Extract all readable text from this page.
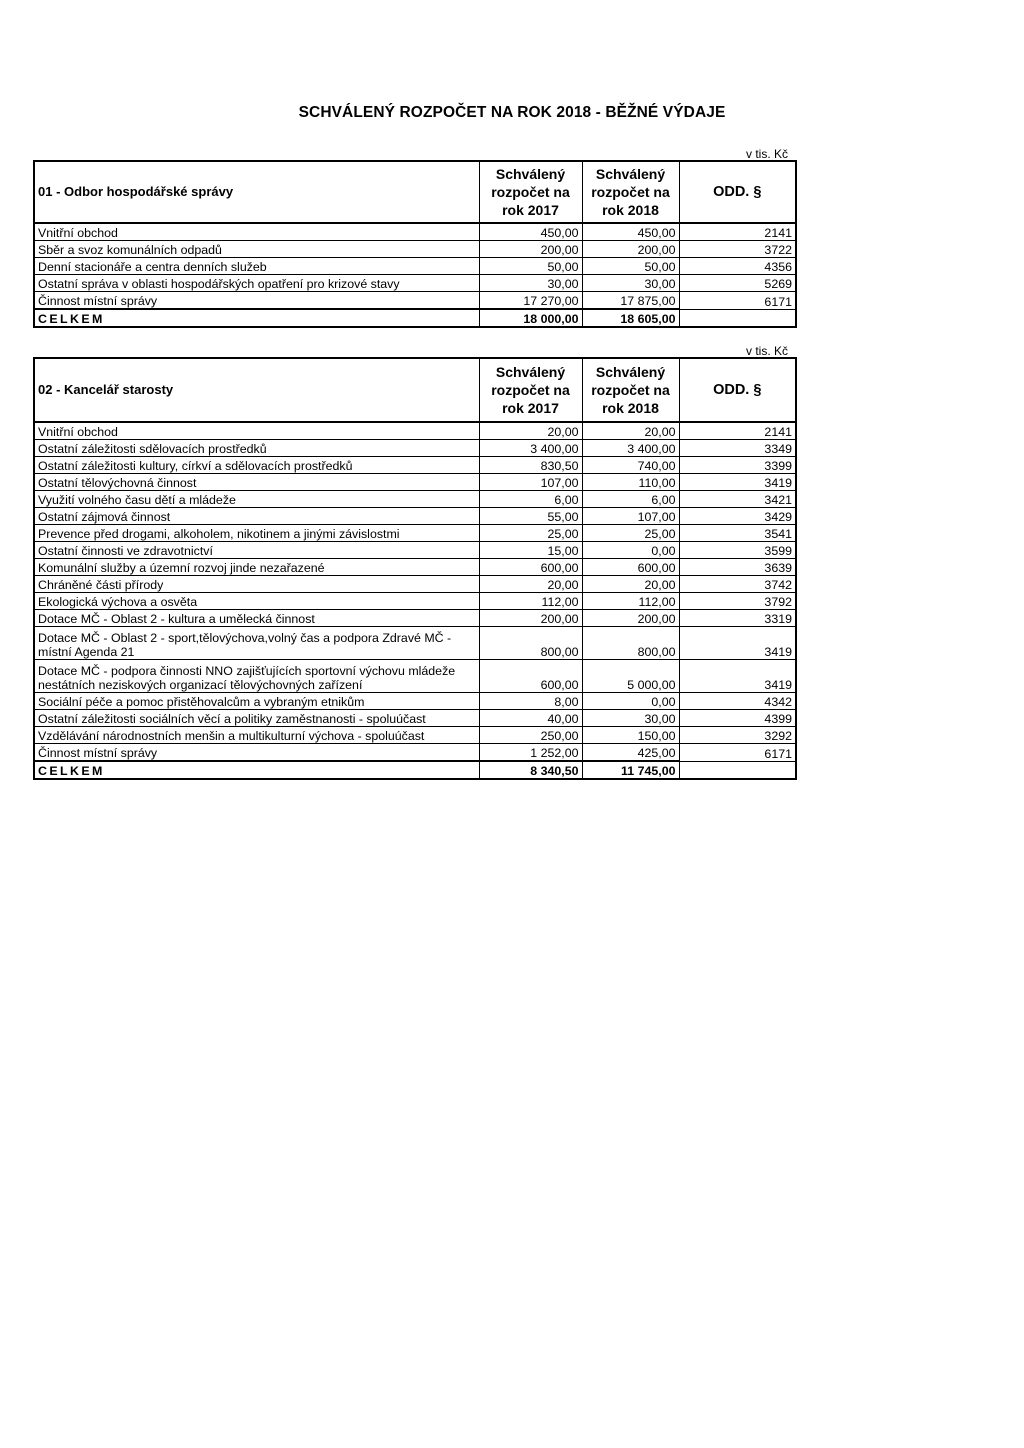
SCHVÁLENÝ ROZPOČET NA ROK 2018 - BĚŽNÉ VÝDAJE
v tis. Kč
01 - Odbor hospodářské správy	Schválený rozpočet na rok 2017	Schválený rozpočet na rok 2018	ODD. §
Vnitřní obchod	450,00	450,00	2141
Sběr a svoz komunálních odpadů	200,00	200,00	3722
Denní stacionáře a centra denních služeb	50,00	50,00	4356
Ostatní správa v oblasti hospodářských opatření pro krizové stavy	30,00	30,00	5269
Činnost místní správy	17 270,00	17 875,00	6171
CELKEM	18 000,00	18 605,00	
v tis. Kč
02 - Kancelář starosty	Schválený rozpočet na rok 2017	Schválený rozpočet na rok 2018	ODD. §
Vnitřní obchod	20,00	20,00	2141
Ostatní záležitosti sdělovacích prostředků	3 400,00	3 400,00	3349
Ostatní záležitosti kultury, církví a sdělovacích prostředků	830,50	740,00	3399
Ostatní tělovýchovná činnost	107,00	110,00	3419
Využití volného času dětí a mládeže	6,00	6,00	3421
Ostatní zájmová činnost	55,00	107,00	3429
Prevence před drogami, alkoholem, nikotinem a jinými závislostmi	25,00	25,00	3541
Ostatní činnosti ve zdravotnictví	15,00	0,00	3599
Komunální služby a územní rozvoj jinde nezařazené	600,00	600,00	3639
Chráněné části přírody	20,00	20,00	3742
Ekologická výchova a osvěta	112,00	112,00	3792
Dotace MČ - Oblast 2 - kultura a umělecká činnost	200,00	200,00	3319
Dotace MČ - Oblast 2 - sport,tělovýchova,volný čas a podpora Zdravé MČ - místní Agenda 21	800,00	800,00	3419
Dotace MČ - podpora činnosti NNO zajišťujících sportovní výchovu mládeže nestátních neziskových organizací tělovýchovných zařízení	600,00	5 000,00	3419
Sociální péče a pomoc přistěhovalcům a vybraným etnikům	8,00	0,00	4342
Ostatní záležitosti sociálních věcí a politiky zaměstnanosti - spoluúčast	40,00	30,00	4399
Vzdělávání národnostních menšin a multikulturní výchova - spoluúčast	250,00	150,00	3292
Činnost místní správy	1 252,00	425,00	6171
CELKEM	8 340,50	11 745,00	
